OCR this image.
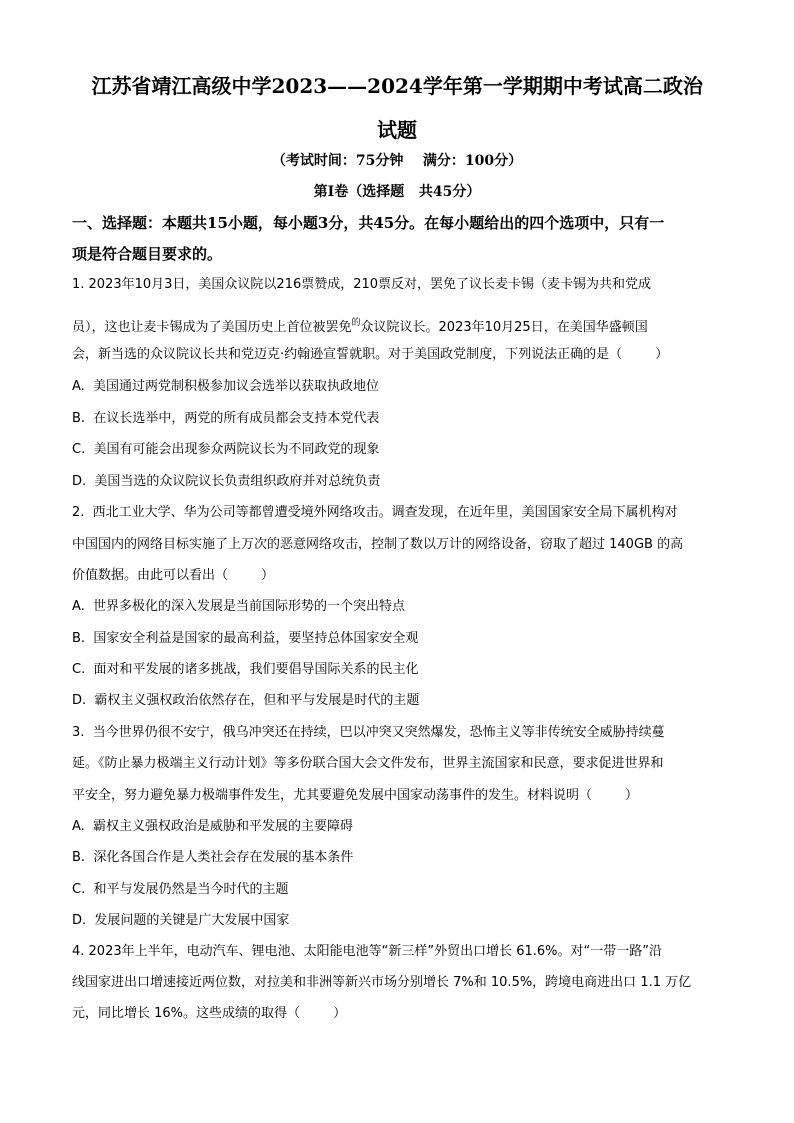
江苏省靖江高级中学2023——2024学年第一学期期中考试高二政治
试题
（考试时间：75分钟    满分：100分）
第Ⅰ卷（选择题   共45分）
一、选择题：本题共15小题，每小题3分，共45分。在每小题给出的四个选项中，只有一
项是符合题目要求的。
1. 2023年10月3日，美国众议院以216票赞成，210票反对，罢免了议长麦卡锡（麦卡锡为共和党成
员），这也让麦卡锡成为了美国历史上首位被罢免$^的$众议院议长。2023年10月25日，在美国华盛顿国
会，新当选的众议院议长共和党迈克·约翰逊宣誓就职。对于美国政党制度，下列说法正确的是（        ）
A.  美国通过两党制积极参加议会选举以获取执政地位
B.  在议长选举中，两党的所有成员都会支持本党代表
C.  美国有可能会出现参众两院议长为不同政党的现象
D.  美国当选的众议院议长负责组织政府并对总统负责
2.  西北工业大学、华为公司等都曾遭受境外网络攻击。调查发现，在近年里，美国国家安全局下属机构对
中国国内的网络目标实施了上万次的恶意网络攻击，控制了数以万计的网络设备，窃取了超过 140GB 的高
价值数据。由此可以看出（        ）
A.  世界多极化的深入发展是当前国际形势的一个突出特点
B.  国家安全利益是国家的最高利益，要坚持总体国家安全观
C.  面对和平发展的诸多挑战，我们要倡导国际关系的民主化
D.  霸权主义强权政治依然存在，但和平与发展是时代的主题
3.  当今世界仍很不安宁，俄乌冲突还在持续，巴以冲突又突然爆发，恐怖主义等非传统安全威胁持续蔓
延。《防止暴力极端主义行动计划》等多份联合国大会文件发布，世界主流国家和民意，要求促进世界和
平安全，努力避免暴力极端事件发生，尤其要避免发展中国家动荡事件的发生。材料说明（        ）
A.  霸权主义强权政治是威胁和平发展的主要障碍
B.  深化各国合作是人类社会存在发展的基本条件
C.  和平与发展仍然是当今时代的主题
D.  发展问题的关键是广大发展中国家
4. 2023年上半年，电动汽车、锂电池、太阳能电池等“新三样”外贸出口增长 61.6%。对“一带一路”沿
线国家进出口增速接近两位数，对拉美和非洲等新兴市场分别增长 7%和 10.5%，跨境电商进出口 1.1 万亿
元，同比增长 16%。这些成绩的取得（        ）
